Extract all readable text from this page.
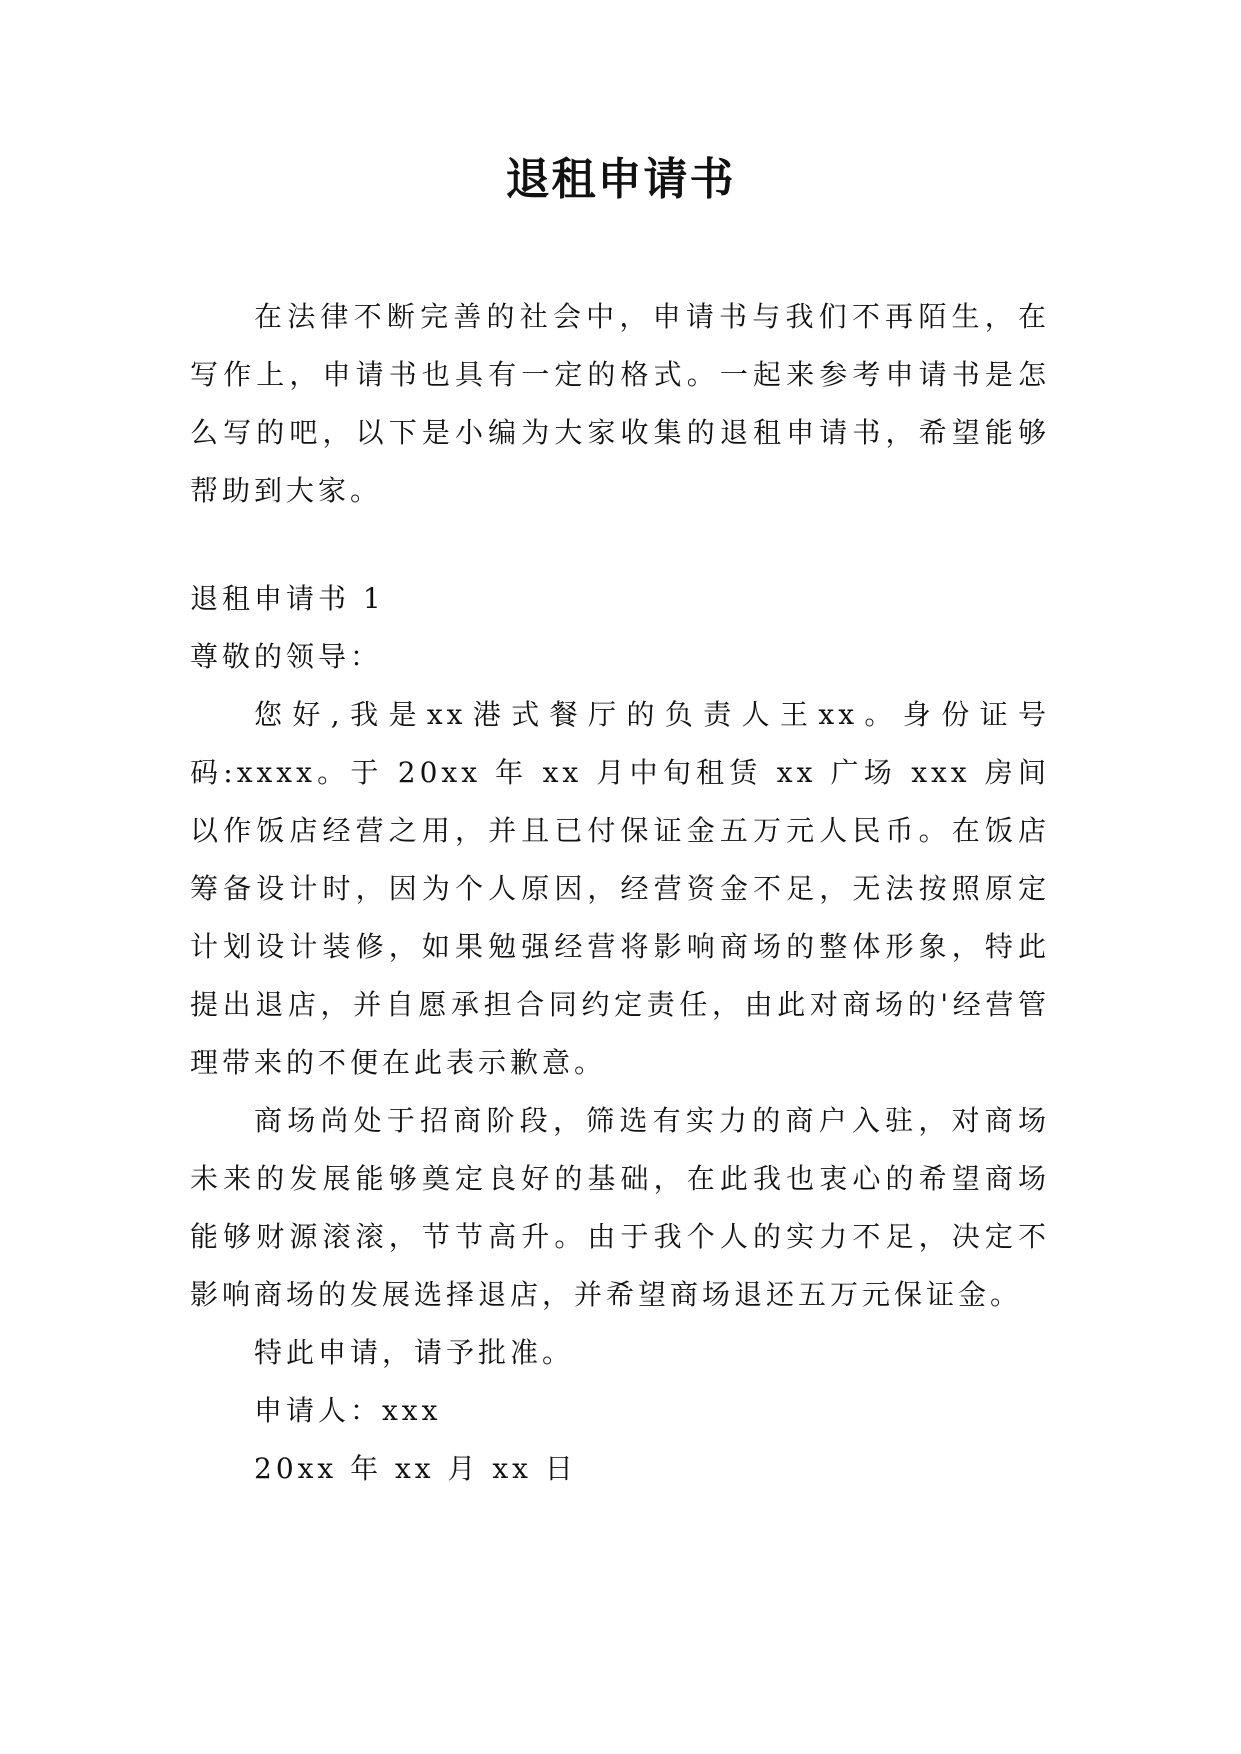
退租申请书

在法律不断完善的社会中，申请书与我们不再陌生，在写作上，申请书也具有一定的格式。一起来参考申请书是怎么写的吧，以下是小编为大家收集的退租申请书，希望能够帮助到大家。

退租申请书 1

尊敬的领导：

您好,我是xx港式餐厅的负责人王xx。身份证号码:xxxx。于 20xx 年 xx 月中旬租赁 xx 广场 xxx 房间以作饭店经营之用，并且已付保证金五万元人民币。在饭店筹备设计时，因为个人原因，经营资金不足，无法按照原定计划设计装修，如果勉强经营将影响商场的整体形象，特此提出退店，并自愿承担合同约定责任，由此对商场的'经营管理带来的不便在此表示歉意。

商场尚处于招商阶段，筛选有实力的商户入驻，对商场未来的发展能够奠定良好的基础，在此我也衷心的希望商场能够财源滚滚，节节高升。由于我个人的实力不足，决定不影响商场的发展选择退店，并希望商场退还五万元保证金。

特此申请，请予批准。

申请人：xxx

20xx 年 xx 月 xx 日
